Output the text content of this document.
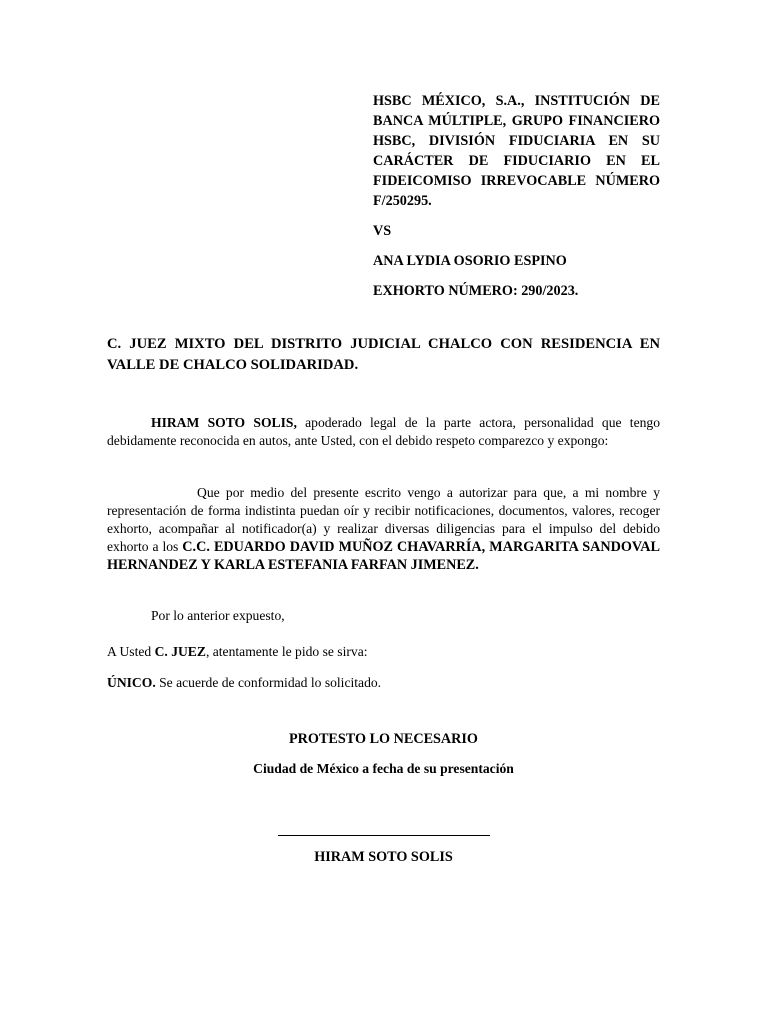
HSBC MÉXICO, S.A., INSTITUCIÓN DE BANCA MÚLTIPLE, GRUPO FINANCIERO HSBC, DIVISIÓN FIDUCIARIA EN SU CARÁCTER DE FIDUCIARIO EN EL FIDEICOMISO IRREVOCABLE NÚMERO F/250295.

VS

ANA LYDIA OSORIO ESPINO

EXHORTO NÚMERO: 290/2023.

C. JUEZ MIXTO DEL DISTRITO JUDICIAL CHALCO CON RESIDENCIA EN VALLE DE CHALCO SOLIDARIDAD.
HIRAM SOTO SOLIS, apoderado legal de la parte actora, personalidad que tengo debidamente reconocida en autos, ante Usted, con el debido respeto comparezco y expongo:
Que por medio del presente escrito vengo a autorizar para que, a mi nombre y representación de forma indistinta puedan oír y recibir notificaciones, documentos, valores, recoger exhorto, acompañar al notificador(a) y realizar diversas diligencias para el impulso del debido exhorto a los C.C. EDUARDO DAVID MUÑOZ CHAVARRÍA, MARGARITA SANDOVAL HERNANDEZ Y KARLA ESTEFANIA FARFAN JIMENEZ.
Por lo anterior expuesto,
A Usted C. JUEZ, atentamente le pido se sirva:
ÚNICO. Se acuerde de conformidad lo solicitado.
PROTESTO LO NECESARIO
Ciudad de México a fecha de su presentación
HIRAM SOTO SOLIS
